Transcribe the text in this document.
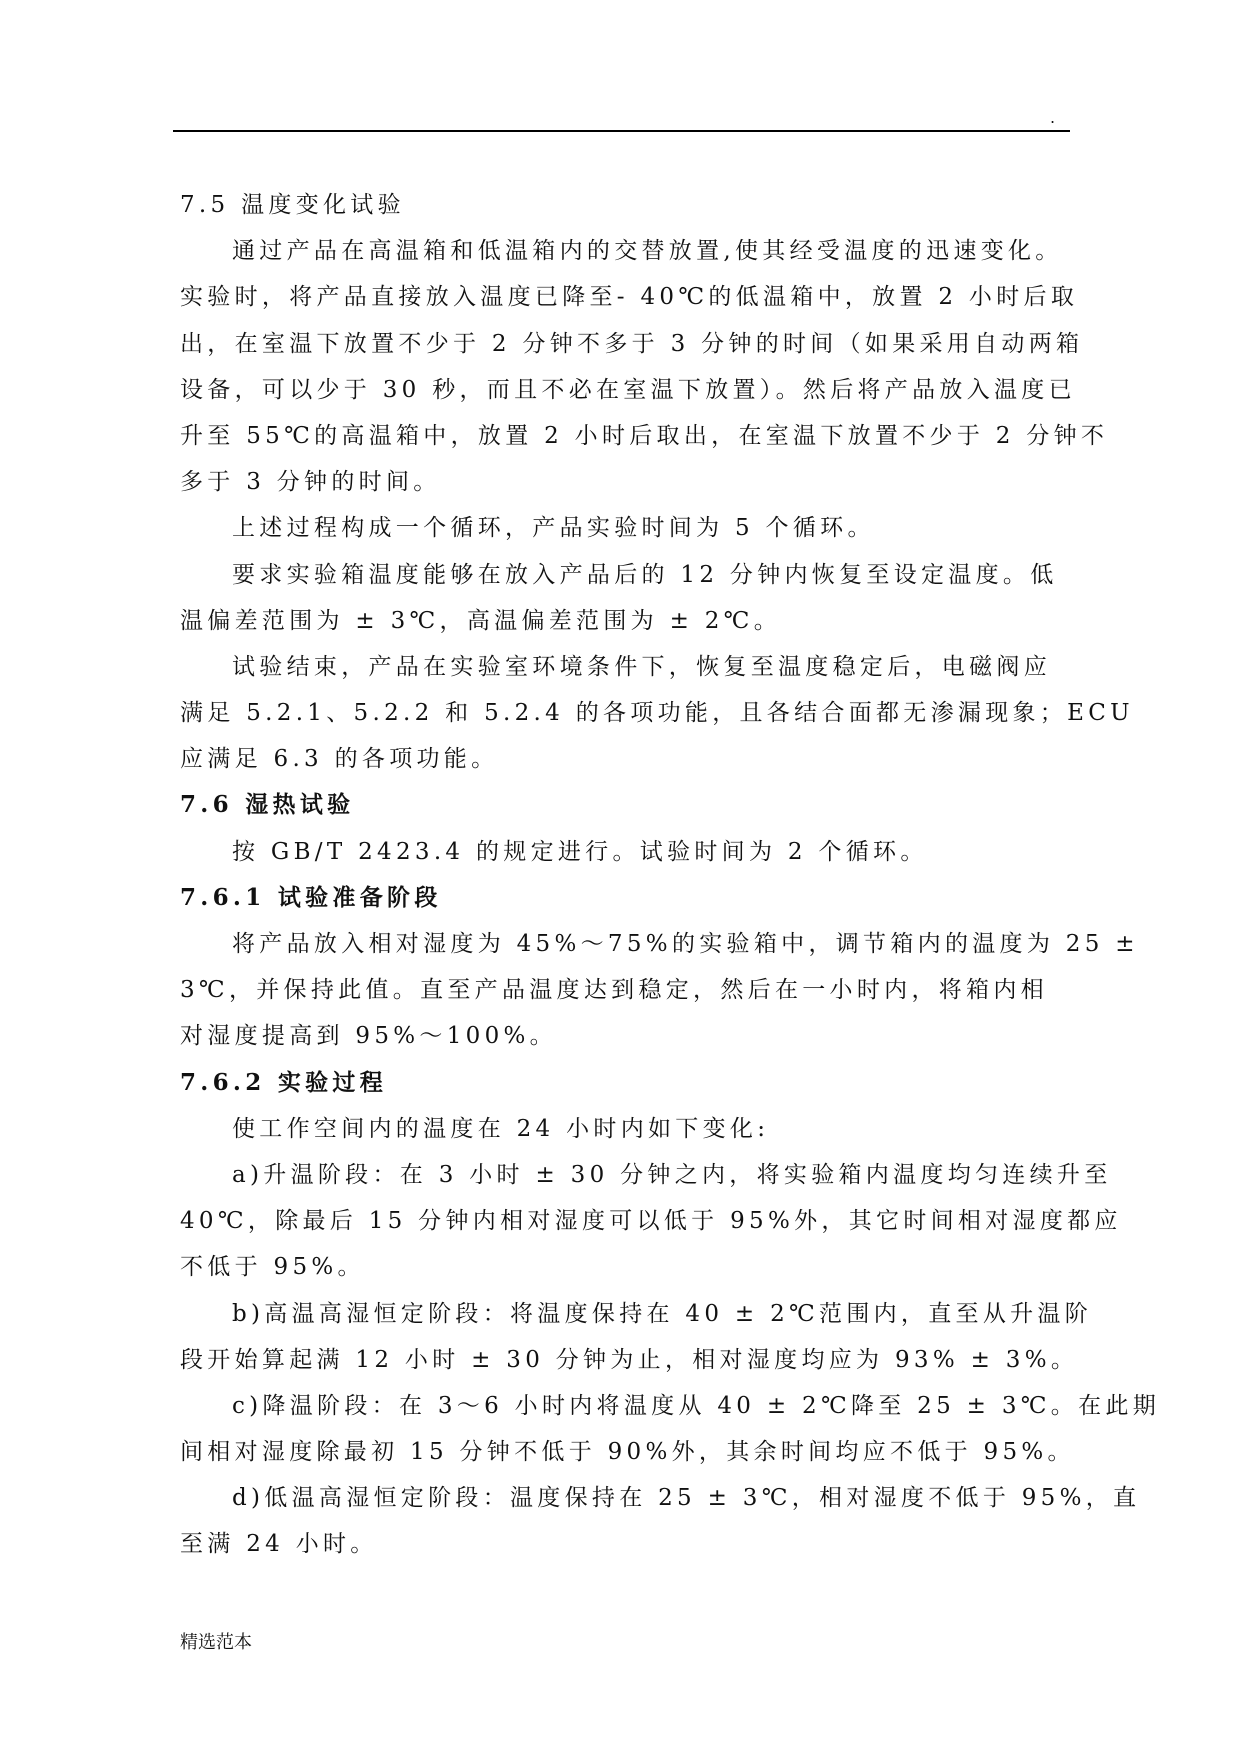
.
7.5 温度变化试验
通过产品在高温箱和低温箱内的交替放置,使其经受温度的迅速变化。
实验时，将产品直接放入温度已降至- 40℃的低温箱中，放置 2 小时后取
出，在室温下放置不少于 2 分钟不多于 3 分钟的时间（如果采用自动两箱
设备，可以少于 30 秒，而且不必在室温下放置）。然后将产品放入温度已
升至 55℃的高温箱中，放置 2 小时后取出，在室温下放置不少于 2 分钟不
多于 3 分钟的时间。
上述过程构成一个循环，产品实验时间为 5 个循环。
要求实验箱温度能够在放入产品后的 12 分钟内恢复至设定温度。低
温偏差范围为 ± 3℃，高温偏差范围为 ± 2℃。
试验结束，产品在实验室环境条件下，恢复至温度稳定后，电磁阀应
满足 5.2.1、5.2.2 和 5.2.4 的各项功能，且各结合面都无渗漏现象；ECU
应满足 6.3 的各项功能。
7.6 湿热试验
按 GB/T 2423.4 的规定进行。试验时间为 2 个循环。
7.6.1 试验准备阶段
将产品放入相对湿度为 45%～75%的实验箱中，调节箱内的温度为 25 ±
3℃，并保持此值。直至产品温度达到稳定，然后在一小时内，将箱内相
对湿度提高到 95%～100%。
7.6.2 实验过程
使工作空间内的温度在 24 小时内如下变化:
a)升温阶段：在 3 小时 ± 30 分钟之内，将实验箱内温度均匀连续升至
40℃，除最后 15 分钟内相对湿度可以低于 95%外，其它时间相对湿度都应
不低于 95%。
b)高温高湿恒定阶段：将温度保持在 40 ± 2℃范围内，直至从升温阶
段开始算起满 12 小时 ± 30 分钟为止，相对湿度均应为 93% ± 3%。
c)降温阶段：在 3～6 小时内将温度从 40 ± 2℃降至 25 ± 3℃。在此期
间相对湿度除最初 15 分钟不低于 90%外，其余时间均应不低于 95%。
d)低温高湿恒定阶段：温度保持在 25 ± 3℃，相对湿度不低于 95%，直
至满 24 小时。
精选范本
